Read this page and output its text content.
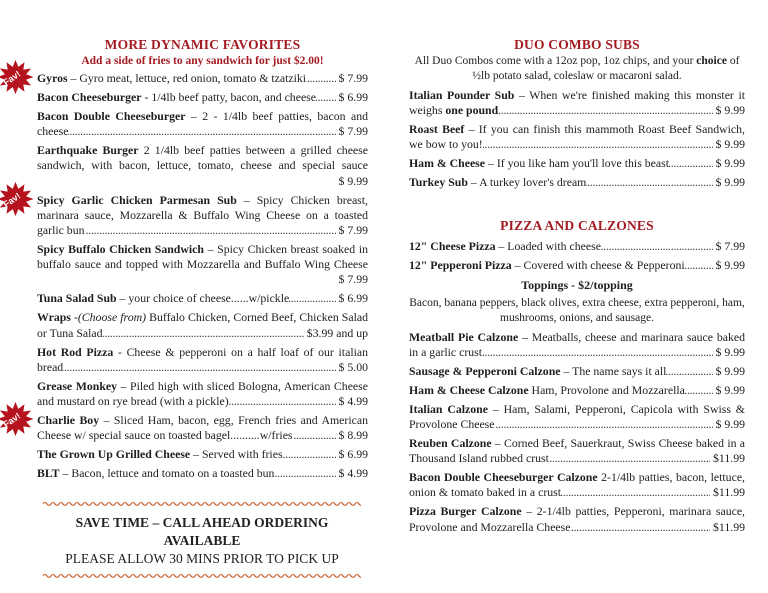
MORE DYNAMIC FAVORITES
Add a side of fries to any sandwich for just $2.00!
Fav! Gyros – Gyro meat, lettuce, red onion, tomato & tzatziki . . .	$ 7.99
Bacon Cheeseburger - 1/4lb beef patty, bacon, and cheese . . . $ 6.99
Bacon Double Cheeseburger – 2 - 1/4lb beef patties, bacon and cheese . . .	$ 7.99
Earthquake Burger 2 1/4lb beef patties between a grilled cheese sandwich, with bacon, lettuce, tomato, cheese and special sauce . . .
$ 9.99
Fav! Spicy Garlic Chicken Parmesan Sub – Spicy Chicken breast, marinara sauce, Mozzarella & Buffalo Wing Cheese on a toasted garlic bun . . .	$ 7.99
Spicy Buffalo Chicken Sandwich – Spicy Chicken breast soaked in buffalo sauce and topped with Mozzarella and Buffalo Wing Cheese . . .
$ 7.99
Tuna Salad Sub – your choice of cheese......w/pickle . . .	$ 6.99
Wraps -(Choose from) Buffalo Chicken, Corned Beef, Chicken Salad or Tuna Salad . . .	$3.99 and up
Hot Rod Pizza - Cheese & pepperoni on a half loaf of our italian bread . . .	$ 5.00
Grease Monkey – Piled high with sliced Bologna, American Cheese and mustard on rye bread (with a pickle) . . .	$ 4.99
Fav! Charlie Boy – Sliced Ham, bacon, egg, French fries and American Cheese w/ special sauce on toasted bagel..........w/fries . . .	$ 8.99
The Grown Up Grilled Cheese – Served with fries . . .	$ 6.99
BLT – Bacon, lettuce and tomato on a toasted bun . . .	$ 4.99
DUO COMBO SUBS
All Duo Combos come with a 12oz pop, 1oz chips, and your choice of ½lb potato salad, coleslaw or macaroni salad.
Italian Pounder Sub – When we're finished making this monster it weighs one pound . . .	$ 9.99
Roast Beef – If you can finish this mammoth Roast Beef Sandwich, we bow to you! . . .	$ 9.99
Ham & Cheese – If you like ham you'll love this beast . . .	$ 9.99
Turkey Sub – A turkey lover's dream . . .	$ 9.99
PIZZA AND CALZONES
12" Cheese Pizza – Loaded with cheese . . .	$ 7.99
12" Pepperoni Pizza – Covered with cheese & Pepperoni . . .	$ 9.99
Toppings - $2/topping
Bacon, banana peppers, black olives, extra cheese, extra pepperoni, ham, mushrooms, onions, and sausage.
Meatball Pie Calzone – Meatballs, cheese and marinara sauce baked in a garlic crust . . .	$ 9.99
Sausage & Pepperoni Calzone – The name says it all . . .	$ 9.99
Ham & Cheese Calzone Ham, Provolone and Mozzarella . . .	$ 9.99
Italian Calzone – Ham, Salami, Pepperoni, Capicola with Swiss & Provolone Cheese . . .	$ 9.99
Reuben Calzone – Corned Beef, Sauerkraut, Swiss Cheese baked in a Thousand Island rubbed crust . . .	$11.99
Bacon Double Cheeseburger Calzone 2-1/4lb patties, bacon, lettuce, onion & tomato baked in a crust . . .	$11.99
Pizza Burger Calzone – 2-1/4lb patties, Pepperoni, marinara sauce, Provolone and Mozzarella Cheese . . .	$11.99
SAVE TIME – CALL AHEAD ORDERING AVAILABLE
PLEASE ALLOW 30 MINS PRIOR TO PICK UP
